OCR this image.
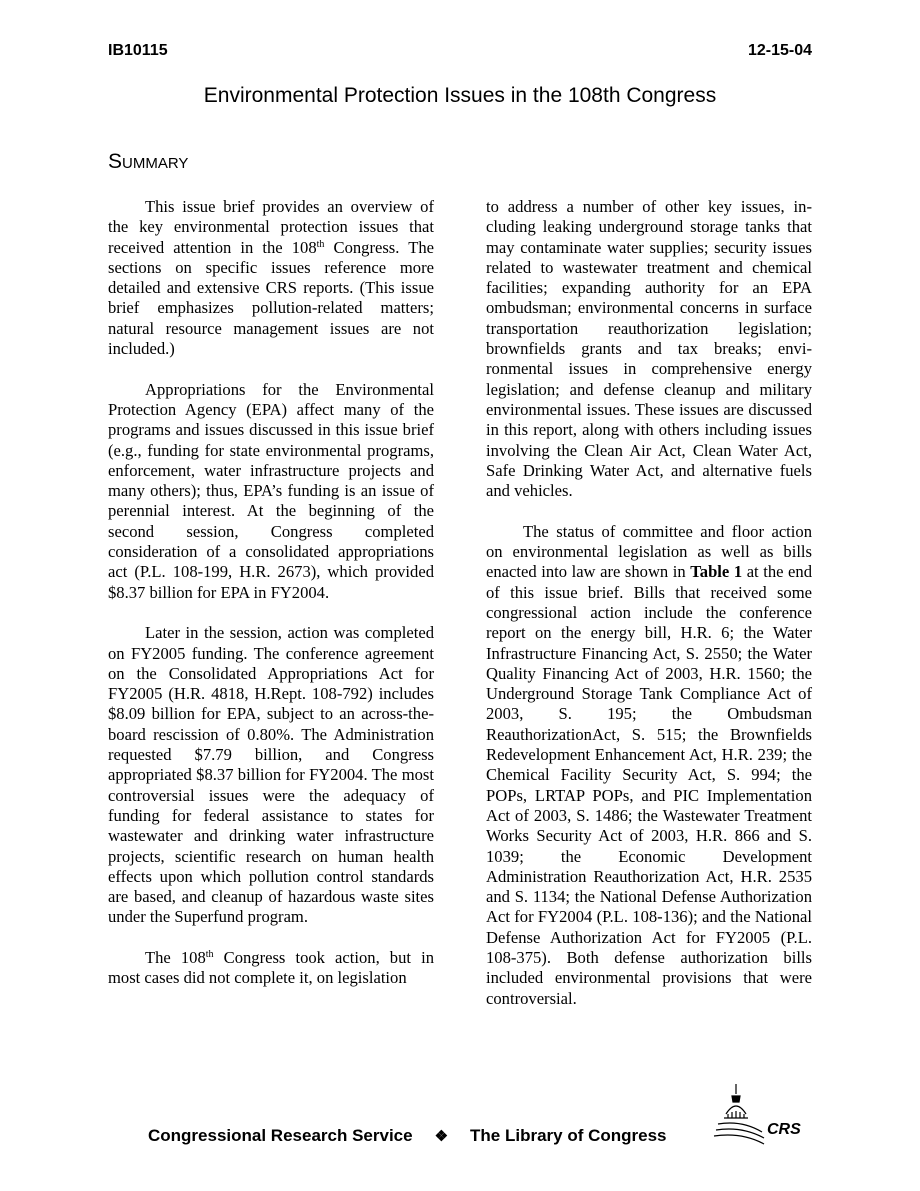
IB10115	12-15-04
Environmental Protection Issues in the 108th Congress
Summary

This issue brief provides an overview of the key environmental protection issues that received attention in the 108th Congress. The sections on specific issues reference more detailed and extensive CRS reports. (This issue brief emphasizes pollution-related matters; natural resource management issues are not included.)

Appropriations for the Environmental Protection Agency (EPA) affect many of the programs and issues discussed in this issue brief (e.g., funding for state environmental programs, enforcement, water infrastructure projects and many others); thus, EPA’s funding is an issue of perennial interest. At the beginning of the second session, Congress completed consideration of a consolidated appropriations act (P.L. 108-199, H.R. 2673), which provided $8.37 billion for EPA in FY2004.

Later in the session, action was completed on FY2005 funding. The conference agreement on the Consolidated Appropriations Act for FY2005 (H.R. 4818, H.Rept. 108-792) includes $8.09 billion for EPA, subject to an across-the-board rescission of 0.80%. The Administration requested $7.79 billion, and Congress appropriated $8.37 billion for FY2004. The most controversial issues were the adequacy of funding for federal assistance to states for wastewater and drinking water infrastructure projects, scientific research on human health effects upon which pollution control standards are based, and cleanup of hazardous waste sites under the Superfund program.

The 108th Congress took action, but in most cases did not complete it, on legislation

to address a number of other key issues, including leaking underground storage tanks that may contaminate water supplies; security issues related to wastewater treatment and chemical facilities; expanding authority for an EPA ombudsman; environmental concerns in surface transportation reauthorization legislation; brownfields grants and tax breaks; environmental issues in comprehensive energy legislation; and defense cleanup and military environmental issues. These issues are discussed in this report, along with others including issues involving the Clean Air Act, Clean Water Act, Safe Drinking Water Act, and alternative fuels and vehicles.

The status of committee and floor action on environmental legislation as well as bills enacted into law are shown in Table 1 at the end of this issue brief. Bills that received some congressional action include the conference report on the energy bill, H.R. 6; the Water Infrastructure Financing Act, S. 2550; the Water Quality Financing Act of 2003, H.R. 1560; the Underground Storage Tank Compliance Act of 2003, S. 195; the Ombudsman ReauthorizationAct, S. 515; the Brownfields Redevelopment Enhancement Act, H.R. 239; the Chemical Facility Security Act, S. 994; the POPs, LRTAP POPs, and PIC Implementation Act of 2003, S. 1486; the Wastewater Treatment Works Security Act of 2003, H.R. 866 and S. 1039; the Economic Development Administration Reauthorization Act, H.R. 2535 and S. 1134; the National Defense Authorization Act for FY2004 (P.L. 108-136); and the National Defense Authorization Act for FY2005 (P.L. 108-375). Both defense authorization bills included environmental provisions that were controversial.

Congressional Research Service ❖ The Library of Congress	CRS
